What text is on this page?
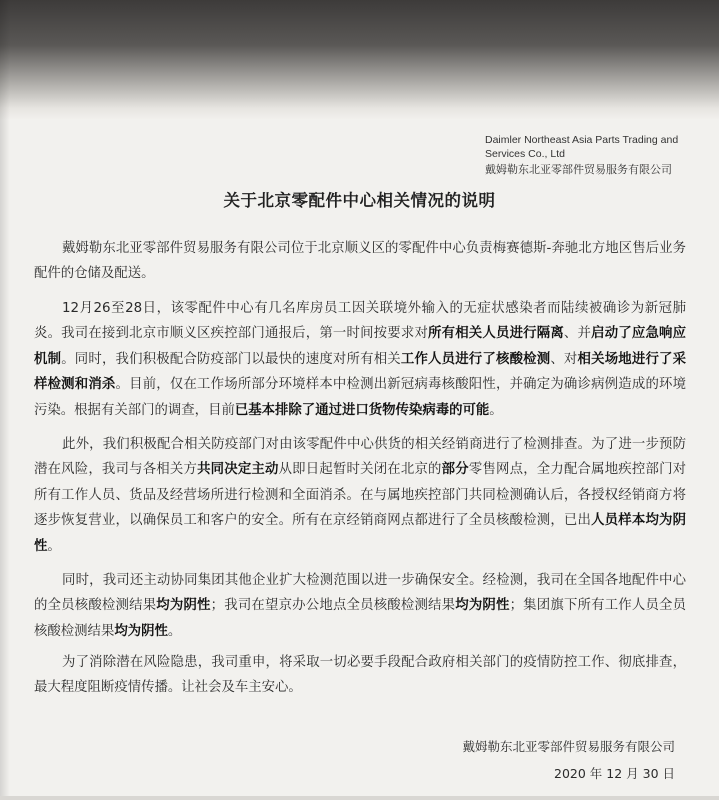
Daimler Northeast Asia Parts Trading and
Services Co., Ltd

戴姆勒东北亚零部件贸易服务有限公司

关于北京零配件中心相关情况的说明

戴姆勒东北亚零部件贸易服务有限公司位于北京顺义区的零配件中心负责梅赛德斯-奔驰北方地区售后业务配件的仓储及配送。

12月26至28日，该零配件中心有几名库房员工因关联境外输入的无症状感染者而陆续被确诊为新冠肺炎。我司在接到北京市顺义区疾控部门通报后，第一时间按要求对所有相关人员进行隔离、并启动了应急响应机制。同时，我们积极配合防疫部门以最快的速度对所有相关工作人员进行了核酸检测、对相关场地进行了采样检测和消杀。目前，仅在工作场所部分环境样本中检测出新冠病毒核酸阳性，并确定为确诊病例造成的环境污染。根据有关部门的调查，目前已基本排除了通过进口货物传染病毒的可能。

此外，我们积极配合相关防疫部门对由该零配件中心供货的相关经销商进行了检测排查。为了进一步预防潜在风险，我司与各相关方共同决定主动从即日起暂时关闭在北京的部分零售网点，全力配合属地疾控部门对所有工作人员、货品及经营场所进行检测和全面消杀。在与属地疾控部门共同检测确认后，各授权经销商方将逐步恢复营业，以确保员工和客户的安全。所有在京经销商网点都进行了全员核酸检测，已出人员样本均为阴性。

同时，我司还主动协同集团其他企业扩大检测范围以进一步确保安全。经检测，我司在全国各地配件中心的全员核酸检测结果均为阴性；我司在望京办公地点全员核酸检测结果均为阴性；集团旗下所有工作人员全员核酸检测结果均为阴性。

为了消除潜在风险隐患，我司重申，将采取一切必要手段配合政府相关部门的疫情防控工作、彻底排查，最大程度阻断疫情传播。让社会及车主安心。

戴姆勒东北亚零部件贸易服务有限公司

2020 年 12 月 30 日
